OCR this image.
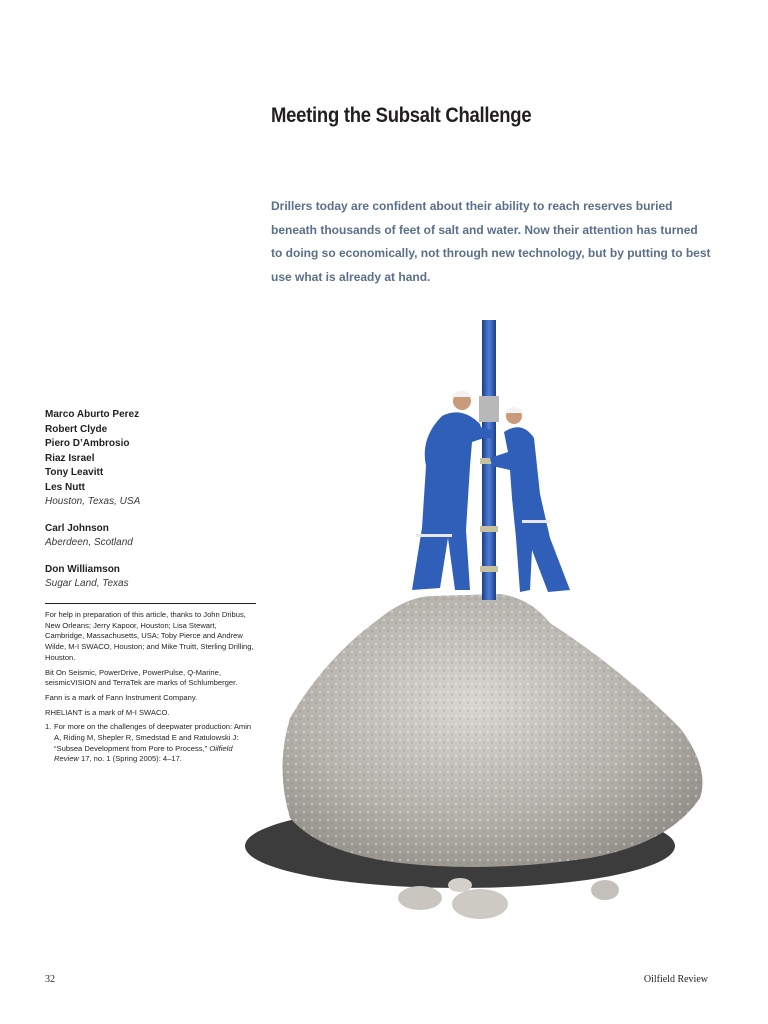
Meeting the Subsalt Challenge

Drillers today are confident about their ability to reach reserves buried beneath thousands of feet of salt and water. Now their attention has turned to doing so economically, not through new technology, but by putting to best use what is already at hand.

Marco Aburto Perez
Robert Clyde
Piero D’Ambrosio
Riaz Israel
Tony Leavitt
Les Nutt
Houston, Texas, USA
Carl Johnson
Aberdeen, Scotland
Don Williamson
Sugar Land, Texas

For help in preparation of this article, thanks to John Dribus, New Orleans; Jerry Kapoor, Houston; Lisa Stewart, Cambridge, Massachusetts, USA; Toby Pierce and Andrew Wilde, M-I SWACO, Houston; and Mike Truitt, Sterling Drilling, Houston.

Bit On Seismic, PowerDrive, PowerPulse, Q-Marine, seismicVISION and TerraTek are marks of Schlumberger.

Fann is a mark of Fann Instrument Company.

RHELIANT is a mark of M-I SWACO.

1. For more on the challenges of deepwater production: Amin A, Riding M, Shepler R, Smedstad E and Ratulowski J: “Subsea Development from Pore to Process,” Oilfield Review 17, no. 1 (Spring 2005): 4–17.
32	Oilfield Review
